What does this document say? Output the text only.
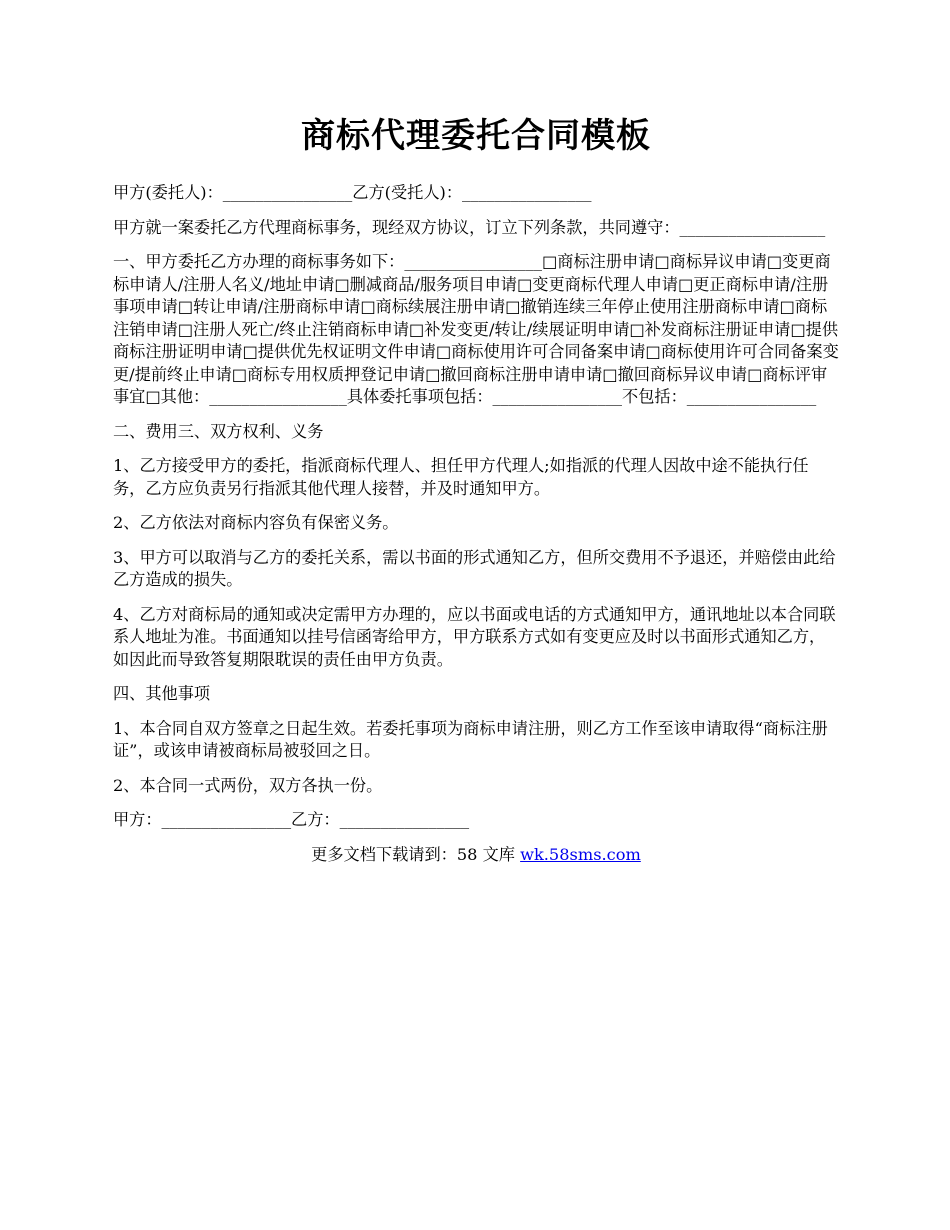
商标代理委托合同模板

甲方(委托人)：________________乙方(受托人)：________________

甲方就一案委托乙方代理商标事务，现经双方协议，订立下列条款，共同遵守：__________________

一、甲方委托乙方办理的商标事务如下：_________________□商标注册申请□商标异议申请□变更商标申请人/注册人名义/地址申请□删减商品/服务项目申请□变更商标代理人申请□更正商标申请/注册事项申请□转让申请/注册商标申请□商标续展注册申请□撤销连续三年停止使用注册商标申请□商标注销申请□注册人死亡/终止注销商标申请□补发变更/转让/续展证明申请□补发商标注册证申请□提供商标注册证明申请□提供优先权证明文件申请□商标使用许可合同备案申请□商标使用许可合同备案变更/提前终止申请□商标专用权质押登记申请□撤回商标注册申请申请□撤回商标异议申请□商标评审事宜□其他：_________________具体委托事项包括：________________不包括：________________

二、费用三、双方权利、义务

1、乙方接受甲方的委托，指派商标代理人、担任甲方代理人;如指派的代理人因故中途不能执行任务，乙方应负责另行指派其他代理人接替，并及时通知甲方。

2、乙方依法对商标内容负有保密义务。

3、甲方可以取消与乙方的委托关系，需以书面的形式通知乙方，但所交费用不予退还，并赔偿由此给乙方造成的损失。

4、乙方对商标局的通知或决定需甲方办理的，应以书面或电话的方式通知甲方，通讯地址以本合同联系人地址为准。书面通知以挂号信函寄给甲方，甲方联系方式如有变更应及时以书面形式通知乙方，如因此而导致答复期限耽误的责任由甲方负责。

四、其他事项

1、本合同自双方签章之日起生效。若委托事项为商标申请注册，则乙方工作至该申请取得“商标注册证”，或该申请被商标局被驳回之日。

2、本合同一式两份，双方各执一份。

甲方：________________乙方：________________

更多文档下载请到：58 文库 wk.58sms.com
